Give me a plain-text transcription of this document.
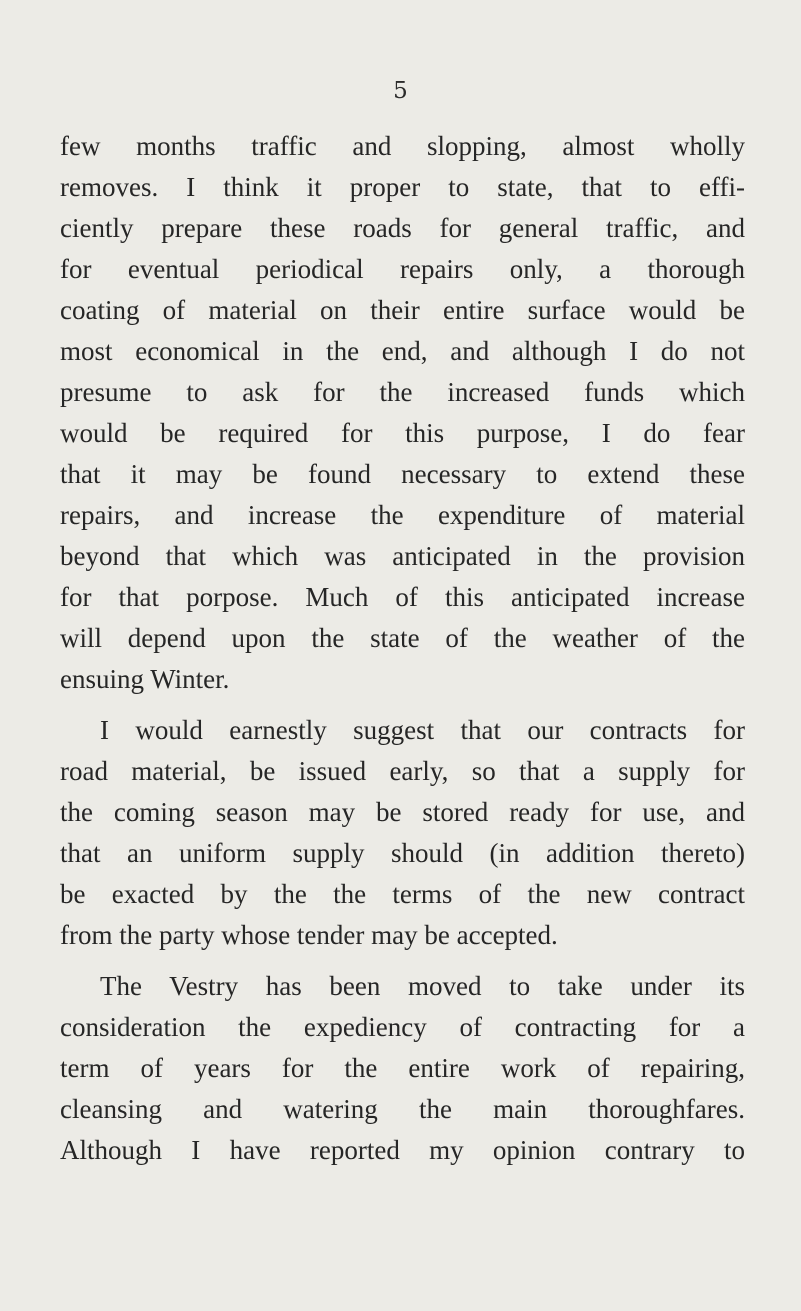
5
few months traffic and slopping, almost wholly
removes. I think it proper to state, that to effi-
ciently prepare these roads for general traffic, and
for eventual periodical repairs only, a thorough
coating of material on their entire surface would be
most economical in the end, and although I do not
presume to ask for the increased funds which
would be required for this purpose, I do fear
that it may be found necessary to extend these
repairs, and increase the expenditure of material
beyond that which was anticipated in the provision
for that porpose. Much of this anticipated increase
will depend upon the state of the weather of the
ensuing Winter.
I would earnestly suggest that our contracts for
road material, be issued early, so that a supply for
the coming season may be stored ready for use, and
that an uniform supply should (in addition thereto)
be exacted by the the terms of the new contract
from the party whose tender may be accepted.
The Vestry has been moved to take under its
consideration the expediency of contracting for a
term of years for the entire work of repairing,
cleansing and watering the main thoroughfares.
Although I have reported my opinion contrary to
